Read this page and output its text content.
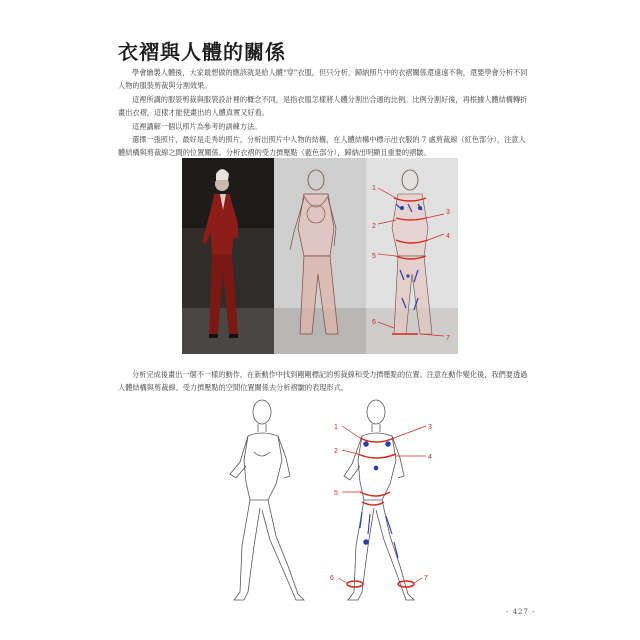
衣褶與人體的關係
學會繪製人體後，大家最想做的應該就是給人體“穿”衣服，但只分析、歸納照片中的衣褶關係還遠遠不夠，還要學會分析不同人物的服裝剪裁與分割效果。
這裡所講的服裝剪裁與服裝設計裡的概念不同，是指衣服怎樣將人體分割出合適的比例。比例分割好後，再根據人體結構轉折畫出衣褶，這樣才能使畫出的人體真實又好看。
這裡講解一個以照片為參考的訓練方法。
選擇一張照片，最好是走秀的照片，分析出照片中人物的結構，在人體結構中標示出衣服的 7 處剪裁線（紅色部分），注意人體結構與剪裁線之間的位置關係。分析衣褶的受力擠壓點（藍色部分），歸納出明顯且重要的褶皺。
1
2
3
4
5
6
7
分析完成後畫出一個不一樣的動作，在新動作中找到剛剛標記的剪裁線和受力擠壓點的位置。注意在動作變化後，我們要透過人體結構與剪裁線、受力擠壓點的空間位置關係去分析褶皺的表現形式。
1
2
3
4
5
6	7
- 427 -
